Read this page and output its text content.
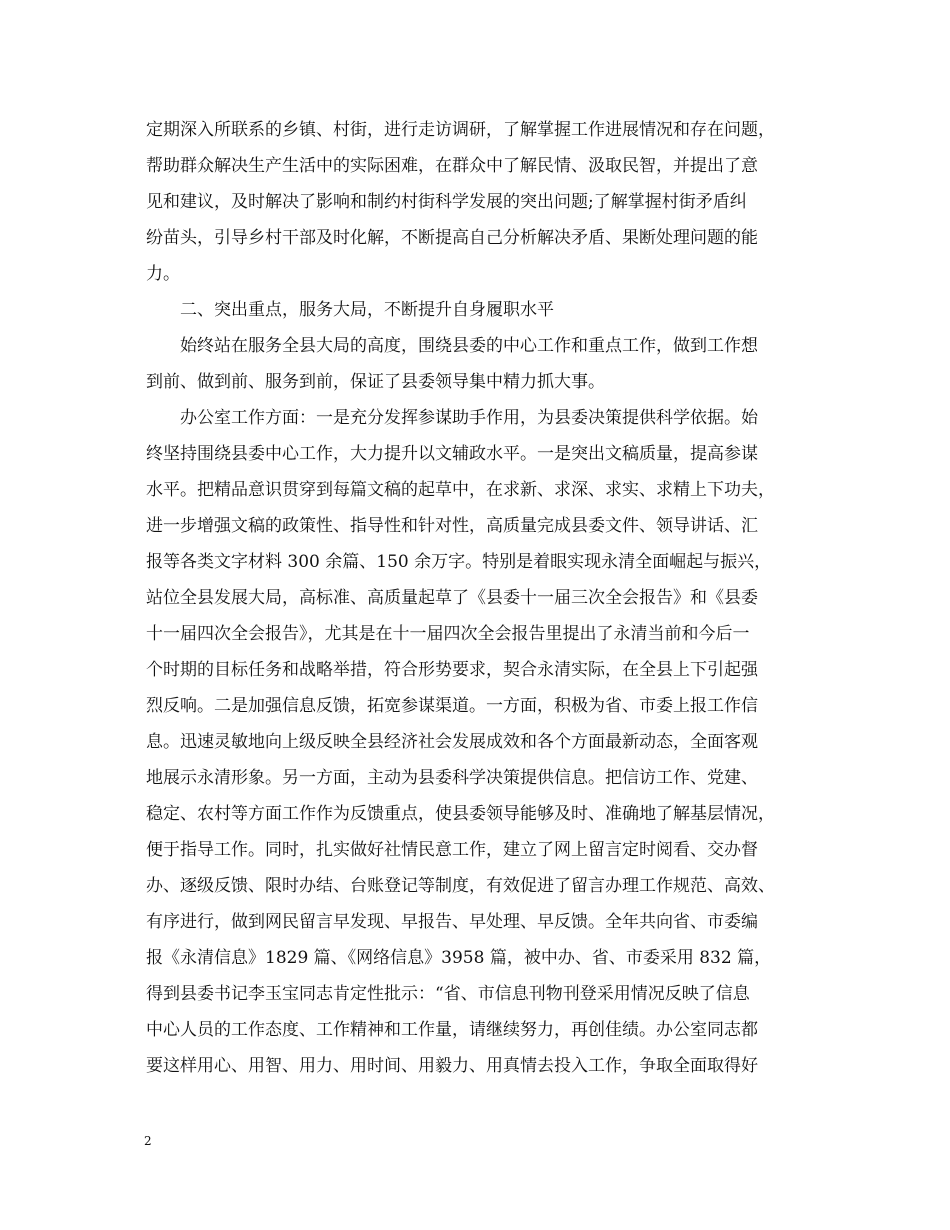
定期深入所联系的乡镇、村街，进行走访调研，了解掌握工作进展情况和存在问题，
帮助群众解决生产生活中的实际困难，在群众中了解民情、汲取民智，并提出了意
见和建议，及时解决了影响和制约村街科学发展的突出问题;了解掌握村街矛盾纠
纷苗头，引导乡村干部及时化解，不断提高自己分析解决矛盾、果断处理问题的能
力。
二、突出重点，服务大局，不断提升自身履职水平
始终站在服务全县大局的高度，围绕县委的中心工作和重点工作，做到工作想
到前、做到前、服务到前，保证了县委领导集中精力抓大事。
办公室工作方面：一是充分发挥参谋助手作用，为县委决策提供科学依据。始
终坚持围绕县委中心工作，大力提升以文辅政水平。一是突出文稿质量，提高参谋
水平。把精品意识贯穿到每篇文稿的起草中，在求新、求深、求实、求精上下功夫，
进一步增强文稿的政策性、指导性和针对性，高质量完成县委文件、领导讲话、汇
报等各类文字材料 300 余篇、150 余万字。特别是着眼实现永清全面崛起与振兴，
站位全县发展大局，高标准、高质量起草了《县委十一届三次全会报告》和《县委
十一届四次全会报告》，尤其是在十一届四次全会报告里提出了永清当前和今后一
个时期的目标任务和战略举措，符合形势要求，契合永清实际，在全县上下引起强
烈反响。二是加强信息反馈，拓宽参谋渠道。一方面，积极为省、市委上报工作信
息。迅速灵敏地向上级反映全县经济社会发展成效和各个方面最新动态，全面客观
地展示永清形象。另一方面，主动为县委科学决策提供信息。把信访工作、党建、
稳定、农村等方面工作作为反馈重点，使县委领导能够及时、准确地了解基层情况，
便于指导工作。同时，扎实做好社情民意工作，建立了网上留言定时阅看、交办督
办、逐级反馈、限时办结、台账登记等制度，有效促进了留言办理工作规范、高效、
有序进行，做到网民留言早发现、早报告、早处理、早反馈。全年共向省、市委编
报《永清信息》1829 篇、《网络信息》3958 篇，被中办、省、市委采用 832 篇，
得到县委书记李玉宝同志肯定性批示：“省、市信息刊物刊登采用情况反映了信息
中心人员的工作态度、工作精神和工作量，请继续努力，再创佳绩。办公室同志都
要这样用心、用智、用力、用时间、用毅力、用真情去投入工作，争取全面取得好
2
